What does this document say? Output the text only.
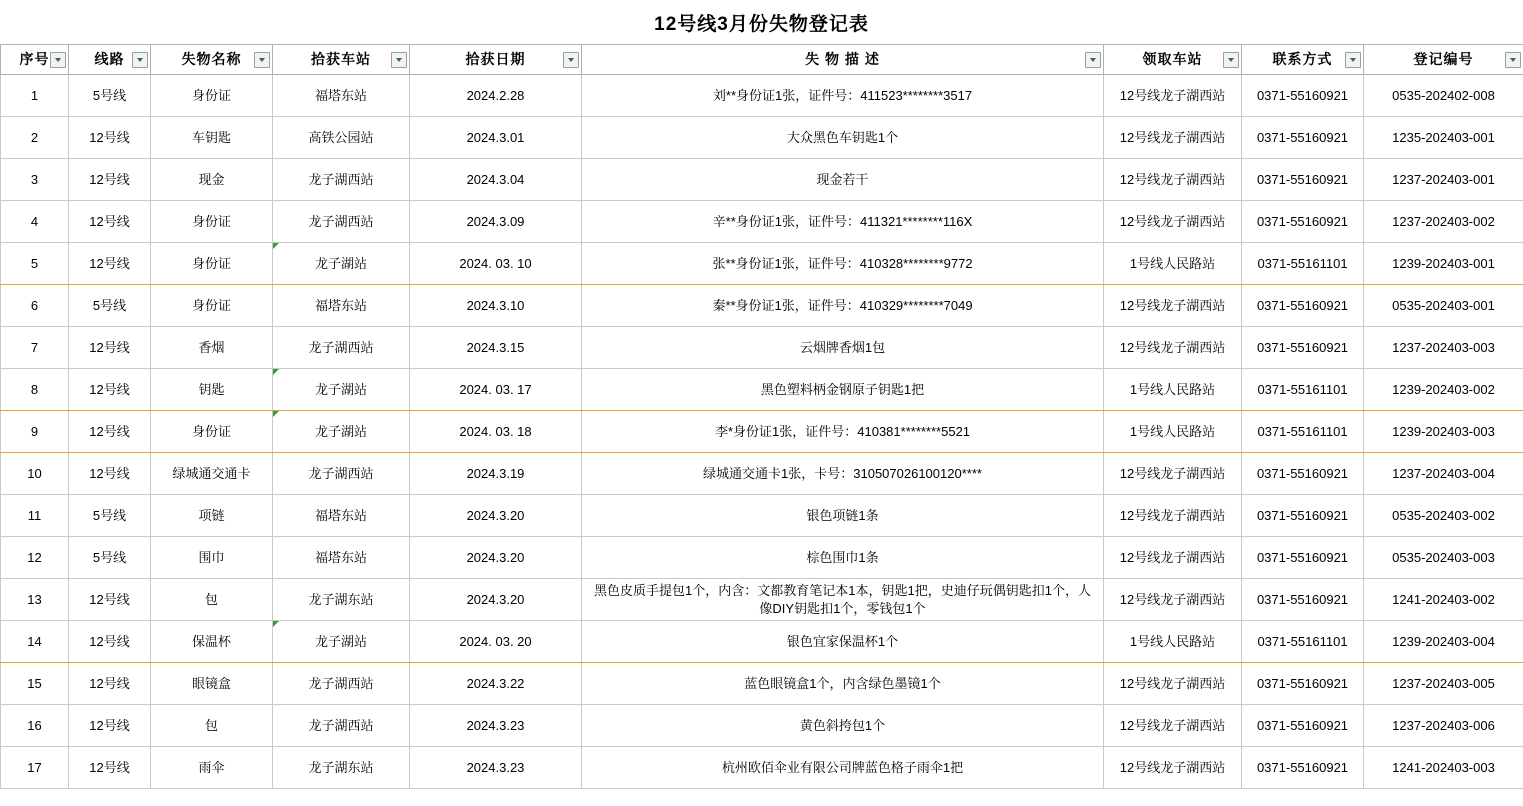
12号线3月份失物登记表
序号	线路	失物名称	拾获车站	拾获日期	失 物 描 述	领取车站	联系方式	登记编号

1	5号线	身份证	福塔东站	2024.2.28	刘**身份证1张，证件号：411523********3517	12号线龙子湖西站	0371-55160921	0535-202402-008
2	12号线	车钥匙	高铁公园站	2024.3.01	大众黑色车钥匙1个	12号线龙子湖西站	0371-55160921	1235-202403-001
3	12号线	现金	龙子湖西站	2024.3.04	现金若干	12号线龙子湖西站	0371-55160921	1237-202403-001
4	12号线	身份证	龙子湖西站	2024.3.09	辛**身份证1张，证件号：411321********116X	12号线龙子湖西站	0371-55160921	1237-202403-002
5	12号线	身份证	龙子湖站	2024. 03. 10	张**身份证1张，证件号：410328********9772	1号线人民路站	0371-55161101	1239-202403-001
6	5号线	身份证	福塔东站	2024.3.10	秦**身份证1张，证件号：410329********7049	12号线龙子湖西站	0371-55160921	0535-202403-001
7	12号线	香烟	龙子湖西站	2024.3.15	云烟牌香烟1包	12号线龙子湖西站	0371-55160921	1237-202403-003
8	12号线	钥匙	龙子湖站	2024. 03. 17	黑色塑料柄金钢原子钥匙1把	1号线人民路站	0371-55161101	1239-202403-002
9	12号线	身份证	龙子湖站	2024. 03. 18	李*身份证1张，证件号：410381********5521	1号线人民路站	0371-55161101	1239-202403-003
10	12号线	绿城通交通卡	龙子湖西站	2024.3.19	绿城通交通卡1张，卡号：310507026100120****	12号线龙子湖西站	0371-55160921	1237-202403-004
11	5号线	项链	福塔东站	2024.3.20	银色项链1条	12号线龙子湖西站	0371-55160921	0535-202403-002
12	5号线	围巾	福塔东站	2024.3.20	棕色围巾1条	12号线龙子湖西站	0371-55160921	0535-202403-003
13	12号线	包	龙子湖东站	2024.3.20	黑色皮质手提包1个，内含：文都教育笔记本1本，钥匙1把，史迪仔玩偶钥匙扣1个，人像DIY钥匙扣1个，零钱包1个	12号线龙子湖西站	0371-55160921	1241-202403-002
14	12号线	保温杯	龙子湖站	2024. 03. 20	银色宜家保温杯1个	1号线人民路站	0371-55161101	1239-202403-004
15	12号线	眼镜盒	龙子湖西站	2024.3.22	蓝色眼镜盒1个，内含绿色墨镜1个	12号线龙子湖西站	0371-55160921	1237-202403-005
16	12号线	包	龙子湖西站	2024.3.23	黄色斜挎包1个	12号线龙子湖西站	0371-55160921	1237-202403-006
17	12号线	雨伞	龙子湖东站	2024.3.23	杭州欧佰伞业有限公司牌蓝色格子雨伞1把	12号线龙子湖西站	0371-55160921	1241-202403-003
